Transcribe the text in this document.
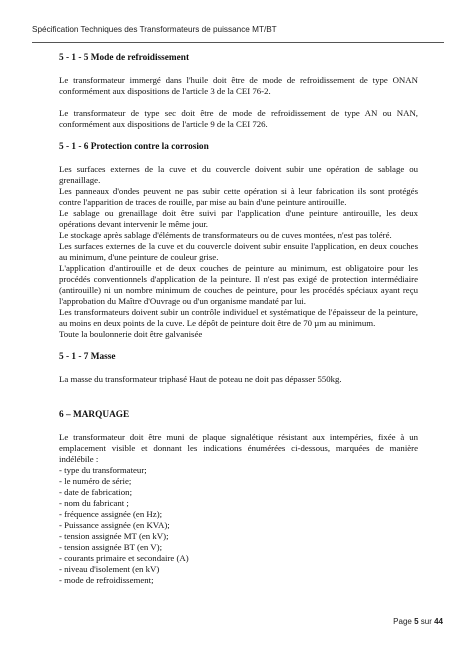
Spécification Techniques des Transformateurs de puissance MT/BT
5 - 1 - 5 Mode de refroidissement

Le transformateur immergé dans l'huile doit être de mode de refroidissement de type ONAN conformément aux dispositions de l'article 3 de la CEI 76-2.

Le transformateur de type sec doit être de mode de refroidissement de type AN ou NAN, conformément aux dispositions de l'article 9 de la CEI 726.

5 - 1 - 6 Protection contre la corrosion

Les surfaces externes de la cuve et du couvercle doivent subir une opération de sablage ou grenaillage.

Les panneaux d'ondes peuvent ne pas subir cette opération si à leur fabrication ils sont protégés contre l'apparition de traces de rouille, par mise au bain d'une peinture antirouille.

Le sablage ou grenaillage doit être suivi par l'application d'une peinture antirouille, les deux opérations devant intervenir le même jour.

Le stockage après sablage d'éléments de transformateurs ou de cuves montées, n'est pas toléré.

Les surfaces externes de la cuve et du couvercle doivent subir ensuite l'application, en deux couches au minimum, d'une peinture de couleur grise.

L'application d'antirouille et de deux couches de peinture au minimum, est obligatoire pour les procédés conventionnels d'application de la peinture. Il n'est pas exigé de protection intermédiaire (antirouille) ni un nombre minimum de couches de peinture, pour les procédés spéciaux ayant reçu l'approbation du Maître d'Ouvrage ou d'un organisme mandaté par lui.

Les transformateurs doivent subir un contrôle individuel et systématique de l'épaisseur de la peinture, au moins en deux points de la cuve. Le dépôt de peinture doit être de 70 µm au minimum.

Toute la boulonnerie doit être galvanisée

5 - 1 - 7 Masse

La masse du transformateur triphasé Haut de poteau ne doit pas dépasser 550kg.

6 – MARQUAGE

Le transformateur doit être muni de plaque signalétique résistant aux intempéries, fixée à un emplacement visible et donnant les indications énumérées ci-dessous, marquées de manière indélébile :

- type du transformateur;
- le numéro de série;
- date de fabrication;
- nom du fabricant ;
- fréquence assignée (en Hz);
- Puissance assignée (en KVA);
- tension assignée MT (en kV);
- tension assignée BT (en V);
- courants primaire et secondaire (A)
- niveau d'isolement (en kV)
- mode de refroidissement;
Page 5 sur 44
